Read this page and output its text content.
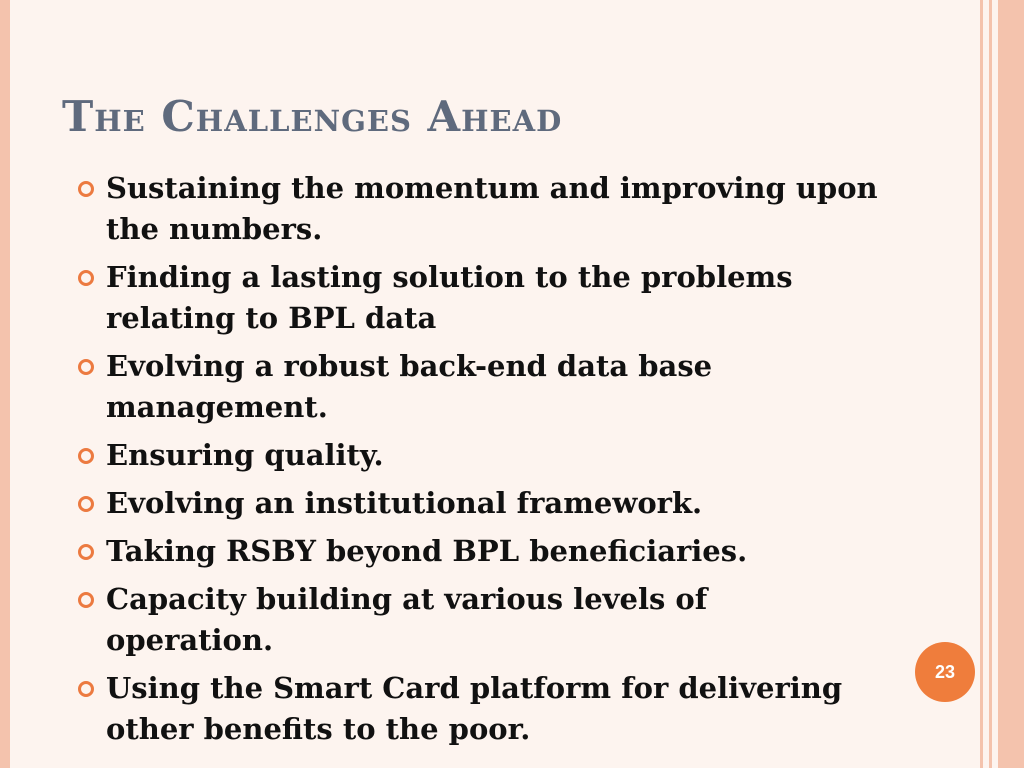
The Challenges Ahead
Sustaining the momentum and improving upon the numbers.
Finding a lasting solution to the problems relating to BPL data
Evolving a robust back-end data base management.
Ensuring quality.
Evolving an institutional framework.
Taking RSBY beyond BPL beneficiaries.
Capacity building at various levels of operation.
Using the Smart Card platform for delivering other benefits to the poor.
23
